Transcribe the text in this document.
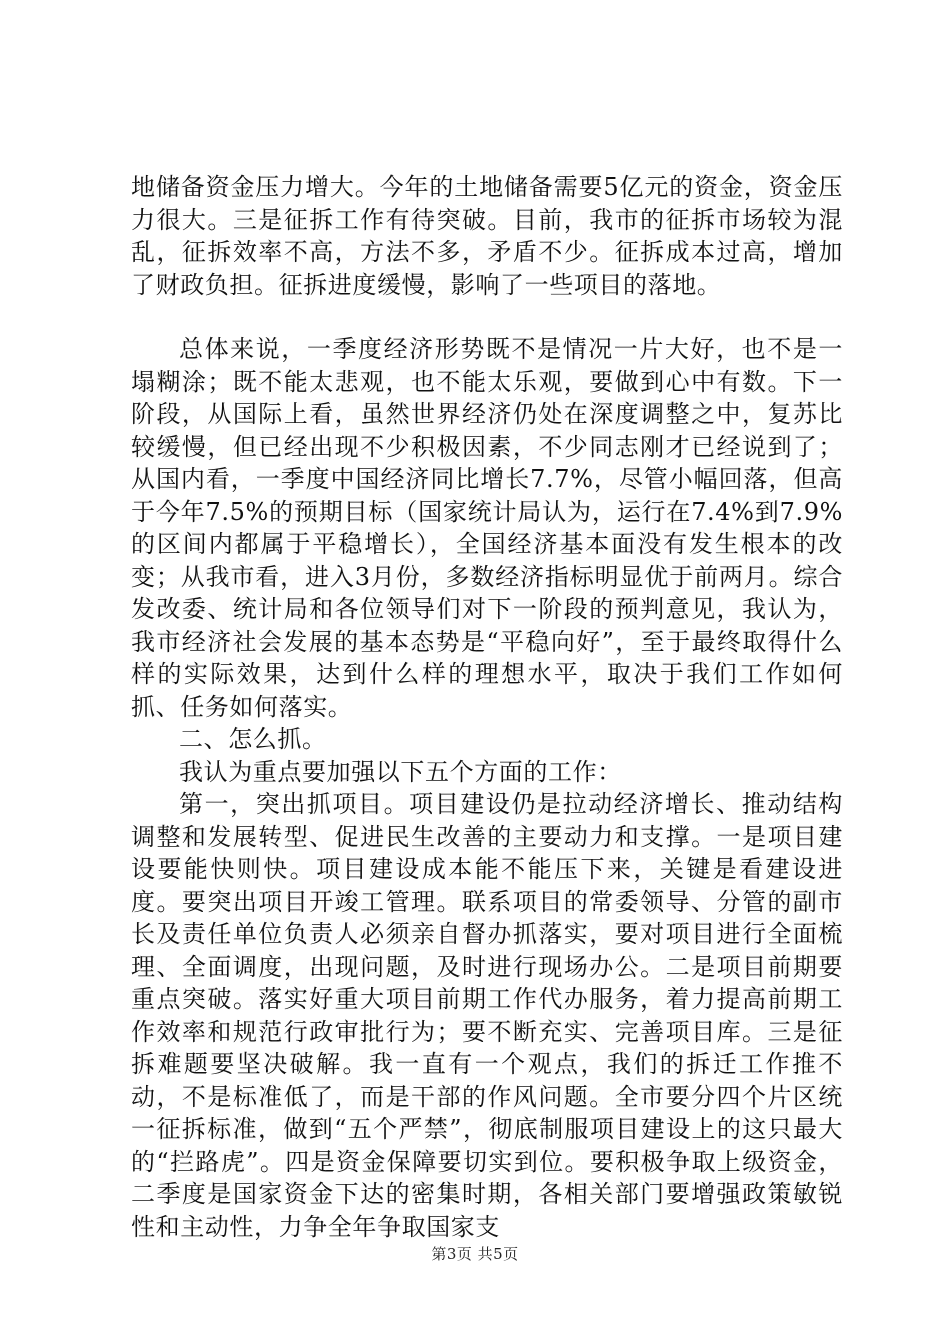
地储备资金压力增大。今年的土地储备需要5亿元的资金，资金压力很大。三是征拆工作有待突破。目前，我市的征拆市场较为混乱，征拆效率不高，方法不多，矛盾不少。征拆成本过高，增加了财政负担。征拆进度缓慢，影响了一些项目的落地。

总体来说，一季度经济形势既不是情况一片大好，也不是一塌糊涂；既不能太悲观，也不能太乐观，要做到心中有数。下一阶段，从国际上看，虽然世界经济仍处在深度调整之中，复苏比较缓慢，但已经出现不少积极因素，不少同志刚才已经说到了；从国内看，一季度中国经济同比增长7.7%，尽管小幅回落，但高于今年7.5%的预期目标（国家统计局认为，运行在7.4%到7.9%的区间内都属于平稳增长），全国经济基本面没有发生根本的改变；从我市看，进入3月份，多数经济指标明显优于前两月。综合发改委、统计局和各位领导们对下一阶段的预判意见，我认为，我市经济社会发展的基本态势是“平稳向好”，至于最终取得什么样的实际效果，达到什么样的理想水平，取决于我们工作如何抓、任务如何落实。

二、怎么抓。

我认为重点要加强以下五个方面的工作：

第一，突出抓项目。项目建设仍是拉动经济增长、推动结构调整和发展转型、促进民生改善的主要动力和支撑。一是项目建设要能快则快。项目建设成本能不能压下来，关键是看建设进度。要突出项目开竣工管理。联系项目的常委领导、分管的副市长及责任单位负责人必须亲自督办抓落实，要对项目进行全面梳理、全面调度，出现问题，及时进行现场办公。二是项目前期要重点突破。落实好重大项目前期工作代办服务，着力提高前期工作效率和规范行政审批行为；要不断充实、完善项目库。三是征拆难题要坚决破解。我一直有一个观点，我们的拆迁工作推不动，不是标准低了，而是干部的作风问题。全市要分四个片区统一征拆标准，做到“五个严禁”，彻底制服项目建设上的这只最大的“拦路虎”。四是资金保障要切实到位。要积极争取上级资金，二季度是国家资金下达的密集时期，各相关部门要增强政策敏锐性和主动性，力争全年争取国家支

第3页 共5页
